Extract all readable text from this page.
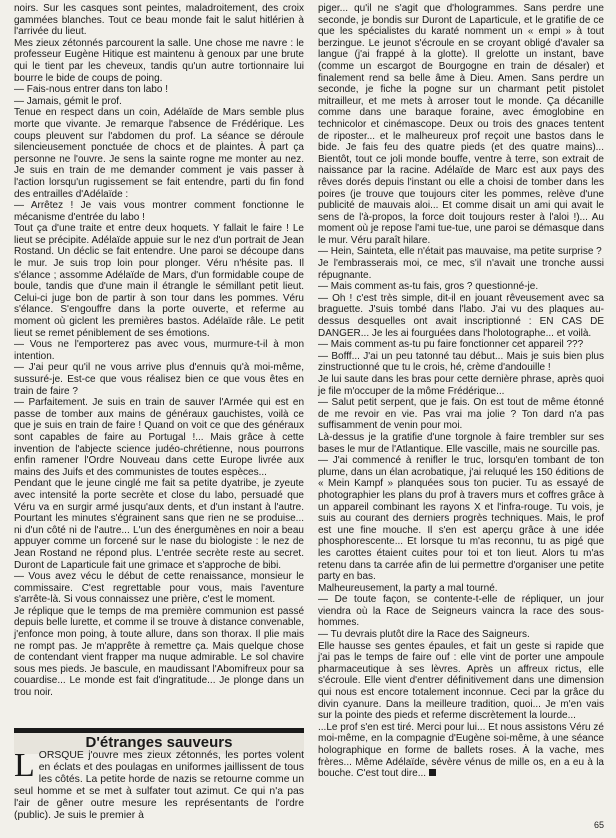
noirs. Sur les casques sont peintes, maladroitement, des croix gammées blanches. Tout ce beau monde fait le salut hitlérien à l'arrivée du lieut.

Mes zieux zétonnés parcourent la salle. Une chose me navre : le professeur Eugène Hitique est maintenu à genoux par une brute qui le tient par les cheveux, tandis qu'un autre tortionnaire lui bourre le bide de coups de poing.

— Fais-nous entrer dans ton labo !

— Jamais, gémit le prof.

Tenue en respect dans un coin, Adélaïde de Mars semble plus morte que vivante. Je remarque l'absence de Frédérique. Les coups pleuvent sur l'abdomen du prof. La séance se déroule silencieusement ponctuée de chocs et de plaintes. À part ça personne ne l'ouvre. Je sens la sainte rogne me monter au nez. Je suis en train de me demander comment je vais passer à l'action lorsqu'un rugissement se fait entendre, parti du fin fond des entrailles d'Adélaïde :

— Arrêtez ! Je vais vous montrer comment fonctionne le mécanisme d'entrée du labo !

Tout ça d'une traite et entre deux hoquets. Y fallait le faire ! Le lieut se précipite. Adélaïde appuie sur le nez d'un portrait de Jean Rostand. Un déclic se fait entendre. Une paroi se découpe dans le mur. Je suis trop loin pour plonger. Véru n'hésite pas. Il s'élance ; assomme Adélaïde de Mars, d'un formidable coupe de boule, tandis que d'une main il étrangle le sémillant petit lieut. Celui-ci juge bon de partir à son tour dans les pommes. Véru s'élance. S'engouffre dans la porte ouverte, et referme au moment où giclent les premières bastos. Adélaïde râle. Le petit lieut se remet péniblement de ses émotions.

— Vous ne l'emporterez pas avec vous, murmure-t-il à mon intention.

— J'ai peur qu'il ne vous arrive plus d'ennuis qu'à moi-même, sussuré-je. Est-ce que vous réalisez bien ce que vous êtes en train de faire ?

— Parfaitement. Je suis en train de sauver l'Armée qui est en passe de tomber aux mains de généraux gauchistes, voilà ce que je suis en train de faire ! Quand on voit ce que des généraux sont capables de faire au Portugal !... Mais grâce à cette invention de l'abjecte science judéo-chrétienne, nous pourrons enfin ramener l'Ordre Nouveau dans cette Europe livrée aux mains des Juifs et des communistes de toutes espèces...

Pendant que le jeune cinglé me fait sa petite dyatribe, je zyeute avec intensité la porte secrète et close du labo, persuadé que Véru va en surgir armé jusqu'aux dents, et d'un instant à l'autre. Pourtant les minutes s'égrainent sans que rien ne se produise... ni d'un côté ni de l'autre... L'un des énergumènes en noir a beau appuyer comme un forcené sur le nase du biologiste : le nez de Jean Rostand ne répond plus. L'entrée secrète reste au secret. Duront de Laparticule fait une grimace et s'approche de bibi.

— Vous avez vécu le début de cette renaissance, monsieur le commissaire. C'est regrettable pour vous, mais l'aventure s'arrête-là. Si vous connaissez une prière, c'est le moment.

Je réplique que le temps de ma première communion est passé depuis belle lurette, et comme il se trouve à distance convenable, j'enfonce mon poing, à toute allure, dans son thorax. Il plie mais ne rompt pas. Je m'apprête à remettre ça. Mais quelque chose de contendant vient frapper ma nuque admirable. Le sol chavire sous mes pieds. Je bascule, en maudissant l'Abomifreux pour sa couardise... Le monde est fait d'ingratitude... Je plonge dans un trou noir.

D'étranges sauveurs

LORSQUE j'ouvre mes zieux zétonnés, les portes volent en éclats et des poulagas en uniformes jaillissent de tous les côtés. La petite horde de nazis se retourne comme un seul homme et se met à sulfater tout azimut. Ce qui n'a pas l'air de gêner outre mesure les représentants de l'ordre (public). Je suis le premier à

piger... qu'il ne s'agit que d'hologrammes. Sans perdre une seconde, je bondis sur Duront de Laparticule, et le gratifie de ce que les spécialistes du karaté nomment un « empi » à tout berzingue. Le jeunot s'écroule en se croyant obligé d'avaler sa langue (j'ai frappé à la glotte). Il grelotte un instant, bave (comme un escargot de Bourgogne en train de désaler) et finalement rend sa belle âme à Dieu. Amen. Sans perdre un seconde, je fiche la pogne sur un charmant petit pistolet mitrailleur, et me mets à arroser tout le monde. Ça décanille comme dans une baraque foraine, avec émoglobine en technicolor et cinémascope. Deux ou trois des gnaces tentent de riposter... et le malheureux prof reçoit une bastos dans le bide. Je fais feu des quatre pieds (et des quatre mains)... Bientôt, tout ce joli monde bouffe, ventre à terre, son extrait de naissance par la racine. Adélaïde de Marc est aux pays des rêves dorés depuis l'instant ou elle a choisi de tomber dans les poires (je trouve que toujours citer les pommes, relève d'une publicité de mauvais aloi... Et comme disait un ami qui avait le sens de l'à-propos, la force doit toujours rester à l'aloi !)... Au moment où je repose l'ami tue-tue, une paroi se démasque dans le mur. Véru paraît hilare.

— Hein, Sainteta, elle n'était pas mauvaise, ma petite surprise ?

Je l'embrasserais moi, ce mec, s'il n'avait une tronche aussi répugnante.

— Mais comment as-tu fais, gros ? questionné-je.

— Oh ! c'est très simple, dit-il en jouant rêveusement avec sa braguette. J'suis tombé dans l'labo. J'ai vu des plaques au-dessus desquelles ont avait inscriptionné : EN CAS DE DANGER... Je les ai fourguées dans l'holotographe... et voilà.

— Mais comment as-tu pu faire fonctionner cet appareil ???

— Bofff... J'ai un peu tatonné tau début... Mais je suis bien plus zinstructionné que tu le crois, hé, crème d'andouille !

Je lui saute dans les bras pour cette dernière phrase, après quoi je file m'occuper de la môme Frédérique...

— Salut petit serpent, que je fais. On est tout de même étonné de me revoir en vie. Pas vrai ma jolie ? Ton dard n'a pas suffisamment de venin pour moi.

Là-dessus je la gratifie d'une torgnole à faire trembler sur ses bases le mur de l'Atlantique. Elle vascille, mais ne sourcille pas.

— J'ai commencé à renifler le truc, lorsqu'en tombant de ton plume, dans un élan acrobatique, j'ai reluqué les 150 éditions de « Mein Kampf » planquées sous ton pucier. Tu as essayé de photographier les plans du prof à travers murs et coffres grâce à un appareil combinant les rayons X et l'infra-rouge. Tu vois, je suis au courant des derniers progrès techniques. Mais, le prof est une fine mouche. Il s'en est aperçu grâce à une idée phosphorescente... Et lorsque tu m'as reconnu, tu as pigé que les carottes étaient cuites pour toi et ton lieut. Alors tu m'as retenu dans ta carrée afin de lui permettre d'organiser une petite party en bas.

Malheureusement, la party a mal tourné.

— De toute façon, se contente-t-elle de répliquer, un jour viendra où la Race de Seigneurs vaincra la race des sous-hommes.

— Tu devrais plutôt dire la Race des Saigneurs.

Elle hausse ses gentes épaules, et fait un geste si rapide que j'ai pas le temps de faire ouf : elle vint de porter une ampoule pharmaceutique à ses lèvres. Après un affreux rictus, elle s'écroule. Elle vient d'entrer définitivement dans une dimension qui nous est encore totalement inconnue. Ceci par la grâce du divin cyanure. Dans la meilleure tradition, quoi... Je m'en vais sur la pointe des pieds et referme discrètement la lourde...

...Le prof s'en est tiré. Merci pour lui... Et nous assistons Véru zé moi-même, en la compagnie d'Eugène soi-même, à une séance holographique en forme de ballets roses. À la vache, mes frères... Même Adélaïde, sévère vénus de mille os, en a eu à la bouche. C'est tout dire...

65
